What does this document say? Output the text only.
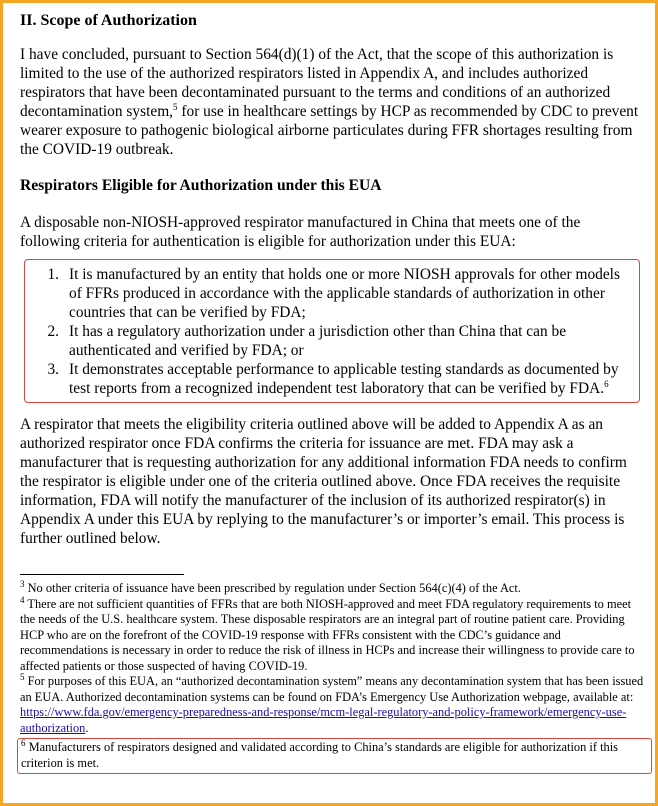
II. Scope of Authorization

I have concluded, pursuant to Section 564(d)(1) of the Act, that the scope of this authorization is limited to the use of the authorized respirators listed in Appendix A, and includes authorized respirators that have been decontaminated pursuant to the terms and conditions of an authorized decontamination system,$^5$ for use in healthcare settings by HCP as recommended by CDC to prevent wearer exposure to pathogenic biological airborne particulates during FFR shortages resulting from the COVID-19 outbreak.

Respirators Eligible for Authorization under this EUA

A disposable non-NIOSH-approved respirator manufactured in China that meets one of the following criteria for authentication is eligible for authorization under this EUA:

1. It is manufactured by an entity that holds one or more NIOSH approvals for other models of FFRs produced in accordance with the applicable standards of authorization in other countries that can be verified by FDA;
2. It has a regulatory authorization under a jurisdiction other than China that can be authenticated and verified by FDA; or
3. It demonstrates acceptable performance to applicable testing standards as documented by test reports from a recognized independent test laboratory that can be verified by FDA.$^6$

A respirator that meets the eligibility criteria outlined above will be added to Appendix A as an authorized respirator once FDA confirms the criteria for issuance are met. FDA may ask a manufacturer that is requesting authorization for any additional information FDA needs to confirm the respirator is eligible under one of the criteria outlined above. Once FDA receives the requisite information, FDA will notify the manufacturer of the inclusion of its authorized respirator(s) in Appendix A under this EUA by replying to the manufacturer’s or importer’s email. This process is further outlined below.

$^3$ No other criteria of issuance have been prescribed by regulation under Section 564(c)(4) of the Act.

$^4$ There are not sufficient quantities of FFRs that are both NIOSH-approved and meet FDA regulatory requirements to meet the needs of the U.S. healthcare system. These disposable respirators are an integral part of routine patient care. Providing HCP who are on the forefront of the COVID-19 response with FFRs consistent with the CDC’s guidance and recommendations is necessary in order to reduce the risk of illness in HCPs and increase their willingness to provide care to affected patients or those suspected of having COVID-19.

$^5$ For purposes of this EUA, an “authorized decontamination system” means any decontamination system that has been issued an EUA. Authorized decontamination systems can be found on FDA’s Emergency Use Authorization webpage, available at: https://www.fda.gov/emergency-preparedness-and-response/mcm-legal-regulatory-and-policy-framework/emergency-use-authorization.

$^6$ Manufacturers of respirators designed and validated according to China’s standards are eligible for authorization if this criterion is met.
